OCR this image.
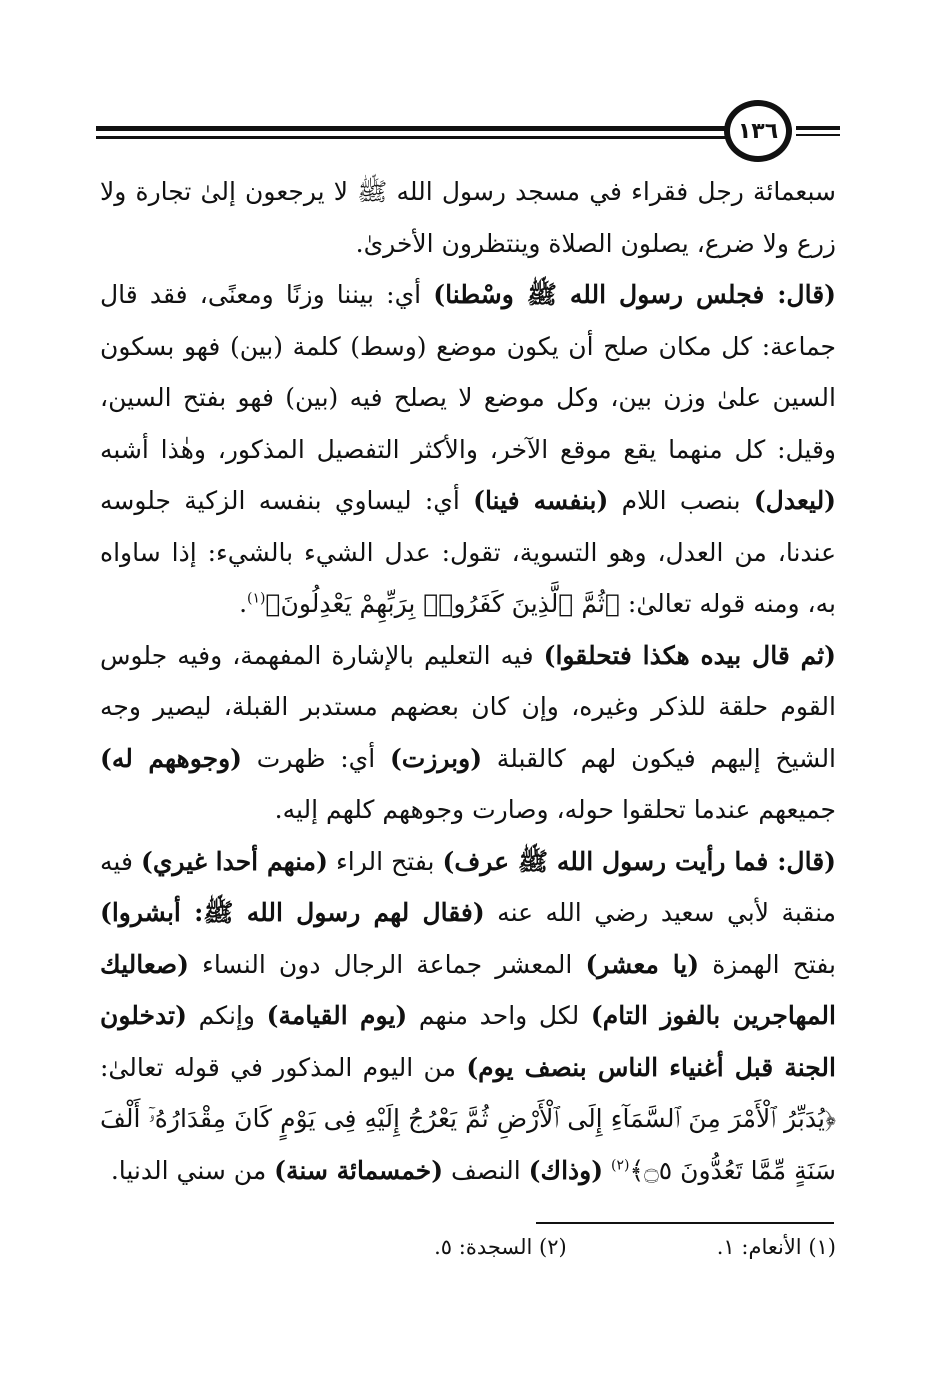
١٣٦

سبعمائة رجل فقراء في مسجد رسول الله ﷺ لا يرجعون إلىٰ تجارة ولا زرع ولا ضرع، يصلون الصلاة وينتظرون الأخرىٰ.

(قال: فجلس رسول الله ﷺ وسْطنا) أي: بيننا وزنًا ومعنًى، فقد قال جماعة: كل مكان صلح أن يكون موضع (وسط) كلمة (بين) فهو بسكون السين علىٰ وزن بين، وكل موضع لا يصلح فيه (بين) فهو بفتح السين، وقيل: كل منهما يقع موقع الآخر، والأكثر التفصيل المذكور، وهٰذا أشبه (ليعدل) بنصب اللام (بنفسه فينا) أي: ليساوي بنفسه الزكية جلوسه عندنا، من العدل، وهو التسوية، تقول: عدل الشيء بالشيء: إذا ساواه به، ومنه قوله تعالىٰ: ﴿ثُمَّ ٱلَّذِينَ كَفَرُوا۟ بِرَبِّهِمْ يَعْدِلُونَ﴾$^{(١)}$.

(ثم قال بيده هكذا فتحلقوا) فيه التعليم بالإشارة المفهمة، وفيه جلوس القوم حلقة للذكر وغيره، وإن كان بعضهم مستدبر القبلة، ليصير وجه الشيخ إليهم فيكون لهم كالقبلة (وبرزت) أي: ظهرت (وجوههم له) جميعهم عندما تحلقوا حوله، وصارت وجوههم كلهم إليه.

(قال: فما رأيت رسول الله ﷺ عرف) بفتح الراء (منهم أحدا غيري) فيه منقبة لأبي سعيد رضي الله عنه (فقال لهم رسول الله ﷺ: أبشروا) بفتح الهمزة (يا معشر) المعشر جماعة الرجال دون النساء (صعاليك المهاجرين بالفوز التام) لكل واحد منهم (يوم القيامة) وإنكم (تدخلون الجنة قبل أغنياء الناس بنصف يوم) من اليوم المذكور في قوله تعالىٰ: ﴿يُدَبِّرُ ٱلْأَمْرَ مِنَ ٱلسَّمَآءِ إِلَى ٱلْأَرْضِ ثُمَّ يَعْرُجُ إِلَيْهِ فِى يَوْمٍ كَانَ مِقْدَارُهُۥٓ أَلْفَ سَنَةٍ مِّمَّا تَعُدُّونَ ۝٥﴾$^{(٢)}$ (وذاك) النصف (خمسمائة سنة) من سني الدنيا.

(١) الأنعام: ١.
(٢) السجدة: ٥.
